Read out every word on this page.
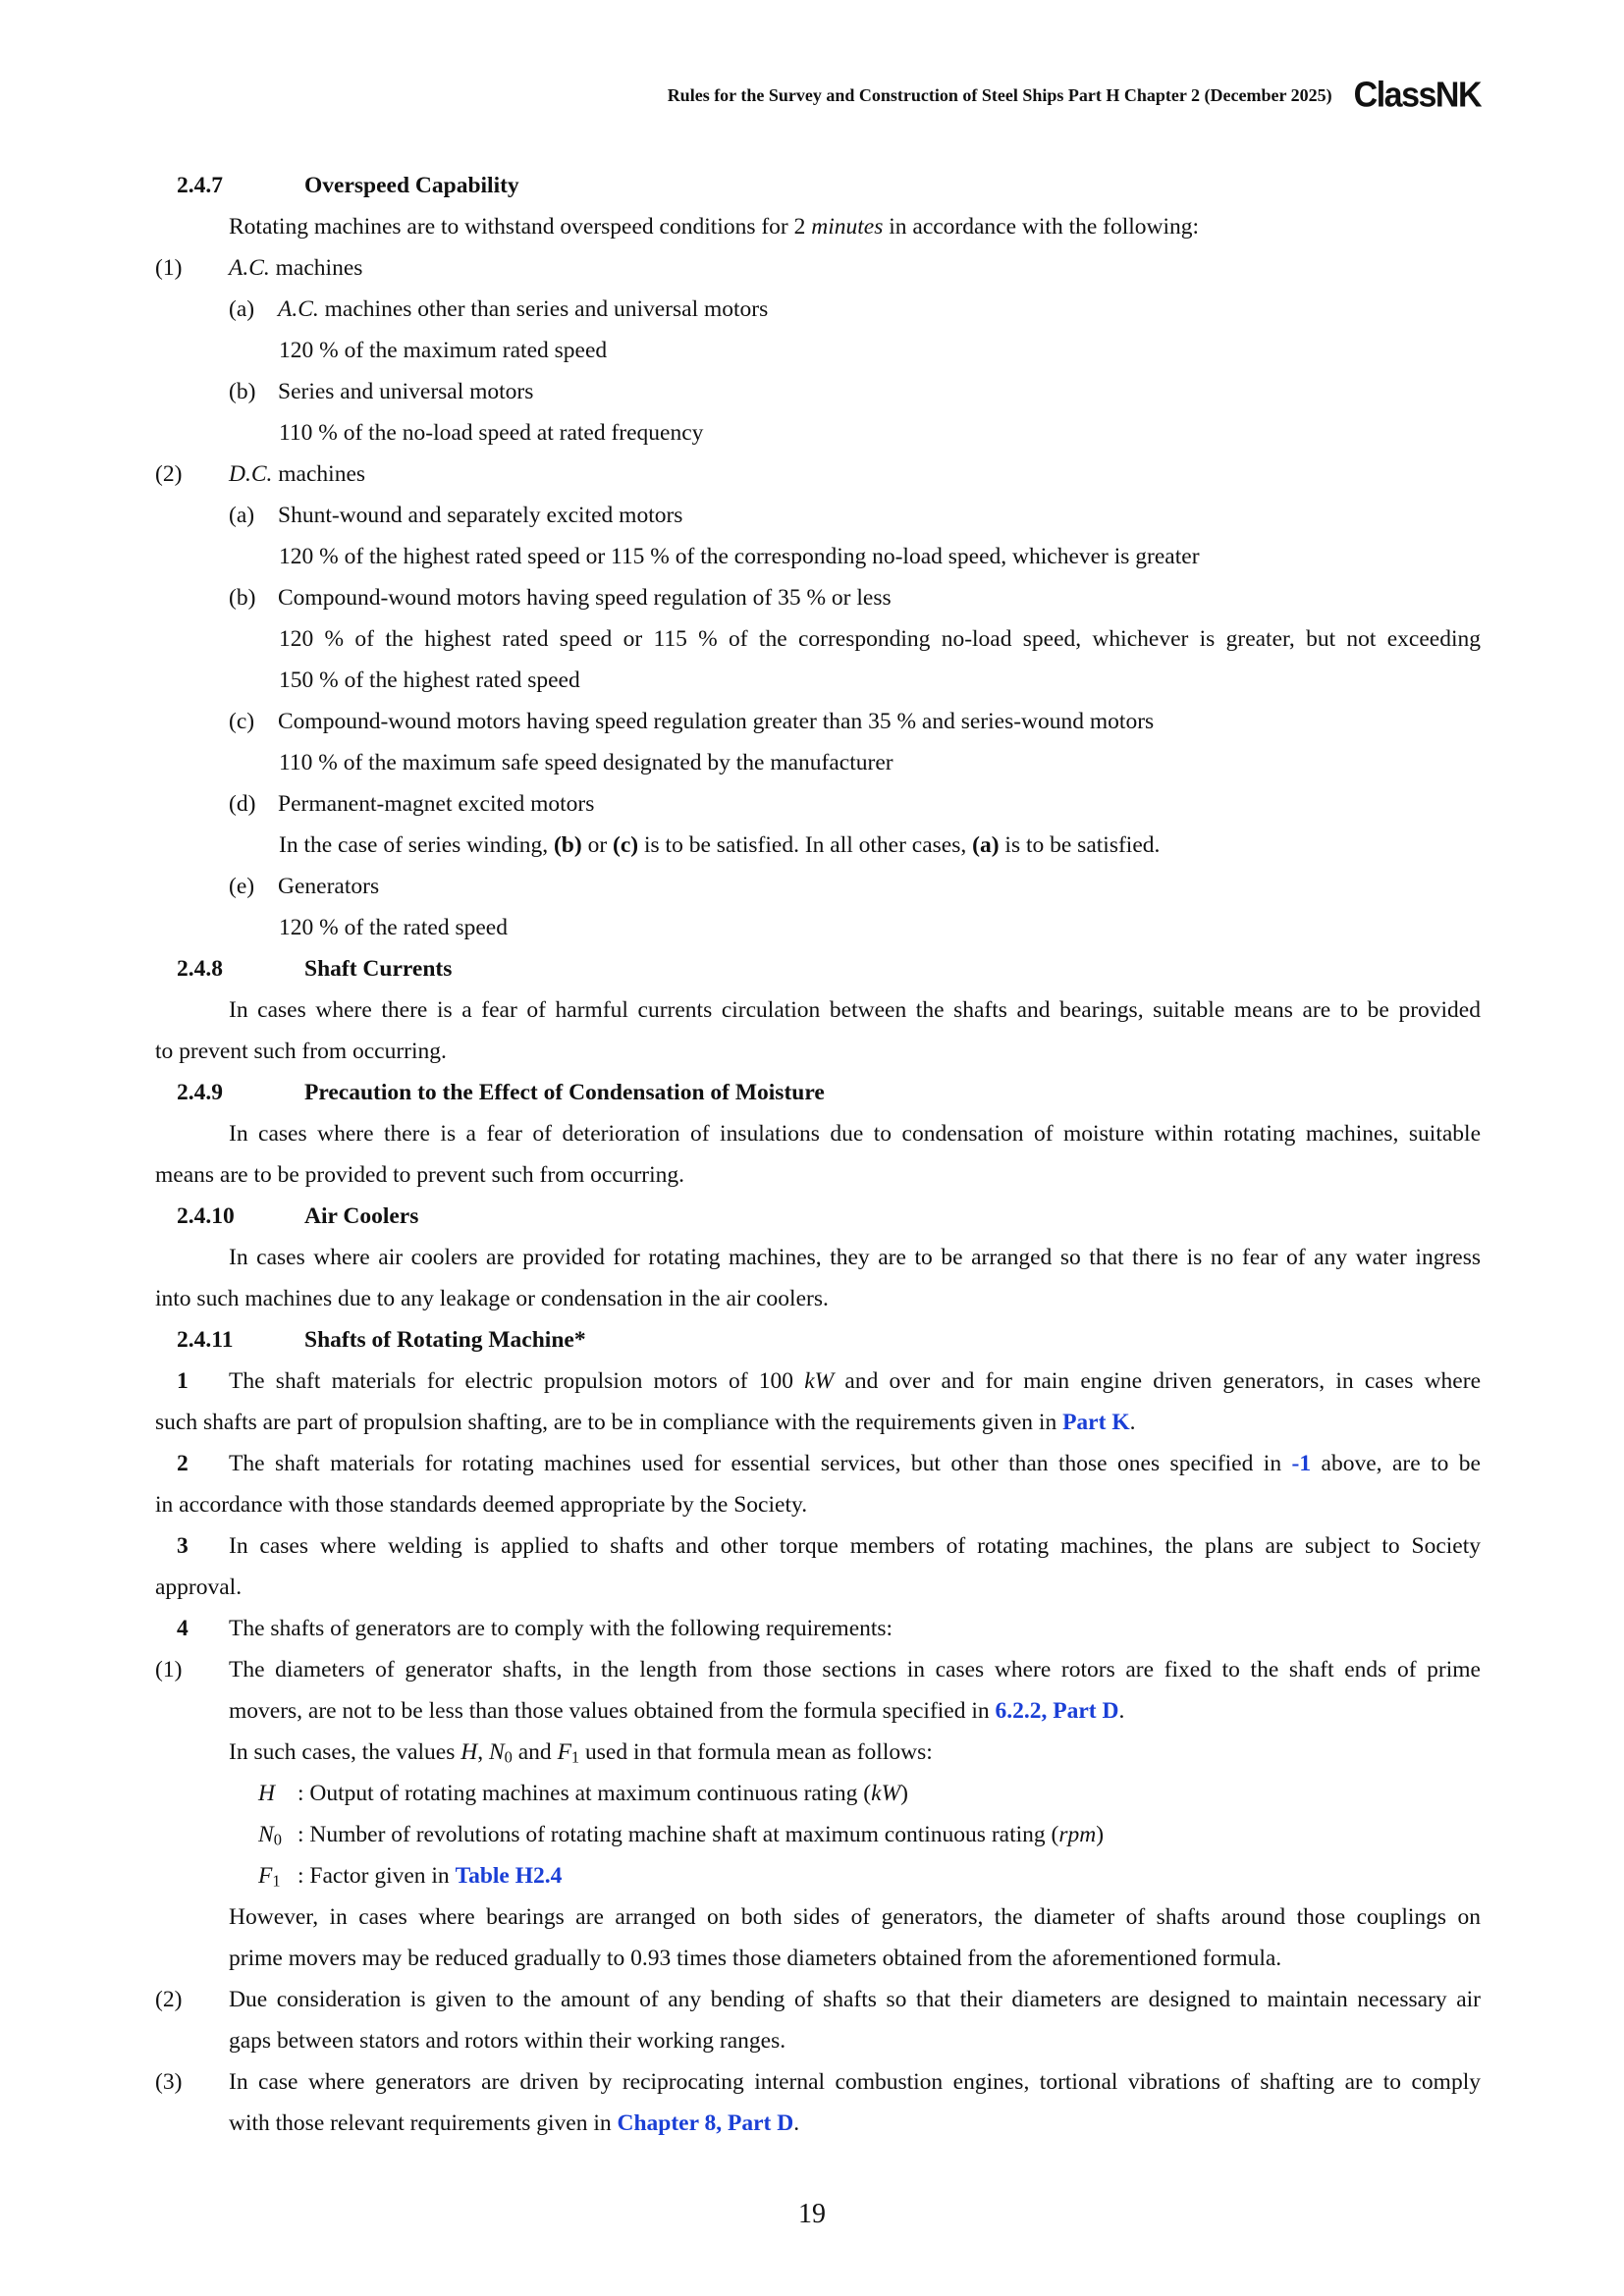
Rules for the Survey and Construction of Steel Ships Part H Chapter 2 (December 2025) ClassNK
2.4.7	Overspeed Capability
Rotating machines are to withstand overspeed conditions for 2 minutes in accordance with the following:
(1) A.C. machines
(a) A.C. machines other than series and universal motors
120 % of the maximum rated speed
(b) Series and universal motors
110 % of the no-load speed at rated frequency
(2) D.C. machines
(a) Shunt-wound and separately excited motors
120 % of the highest rated speed or 115 % of the corresponding no-load speed, whichever is greater
(b) Compound-wound motors having speed regulation of 35 % or less
120 % of the highest rated speed or 115 % of the corresponding no-load speed, whichever is greater, but not exceeding
150 % of the highest rated speed
(c) Compound-wound motors having speed regulation greater than 35 % and series-wound motors
110 % of the maximum safe speed designated by the manufacturer
(d) Permanent-magnet excited motors
In the case of series winding, (b) or (c) is to be satisfied. In all other cases, (a) is to be satisfied.
(e) Generators
120 % of the rated speed
2.4.8	Shaft Currents
In cases where there is a fear of harmful currents circulation between the shafts and bearings, suitable means are to be provided
to prevent such from occurring.
2.4.9	Precaution to the Effect of Condensation of Moisture
In cases where there is a fear of deterioration of insulations due to condensation of moisture within rotating machines, suitable
means are to be provided to prevent such from occurring.
2.4.10	Air Coolers
In cases where air coolers are provided for rotating machines, they are to be arranged so that there is no fear of any water ingress
into such machines due to any leakage or condensation in the air coolers.
2.4.11	Shafts of Rotating Machine*
1 The shaft materials for electric propulsion motors of 100 kW and over and for main engine driven generators, in cases where
such shafts are part of propulsion shafting, are to be in compliance with the requirements given in Part K.
2 The shaft materials for rotating machines used for essential services, but other than those ones specified in -1 above, are to be
in accordance with those standards deemed appropriate by the Society.
3 In cases where welding is applied to shafts and other torque members of rotating machines, the plans are subject to Society
approval.
4 The shafts of generators are to comply with the following requirements:
(1) The diameters of generator shafts, in the length from those sections in cases where rotors are fixed to the shaft ends of prime
movers, are not to be less than those values obtained from the formula specified in 6.2.2, Part D.
In such cases, the values H, $N_0$ and $F_1$ used in that formula mean as follows:
H : Output of rotating machines at maximum continuous rating (kW)
$N_0$ : Number of revolutions of rotating machine shaft at maximum continuous rating (rpm)
$F_1$ : Factor given in Table H2.4
However, in cases where bearings are arranged on both sides of generators, the diameter of shafts around those couplings on
prime movers may be reduced gradually to 0.93 times those diameters obtained from the aforementioned formula.
(2) Due consideration is given to the amount of any bending of shafts so that their diameters are designed to maintain necessary air
gaps between stators and rotors within their working ranges.
(3) In case where generators are driven by reciprocating internal combustion engines, tortional vibrations of shafting are to comply
with those relevant requirements given in Chapter 8, Part D.
19
